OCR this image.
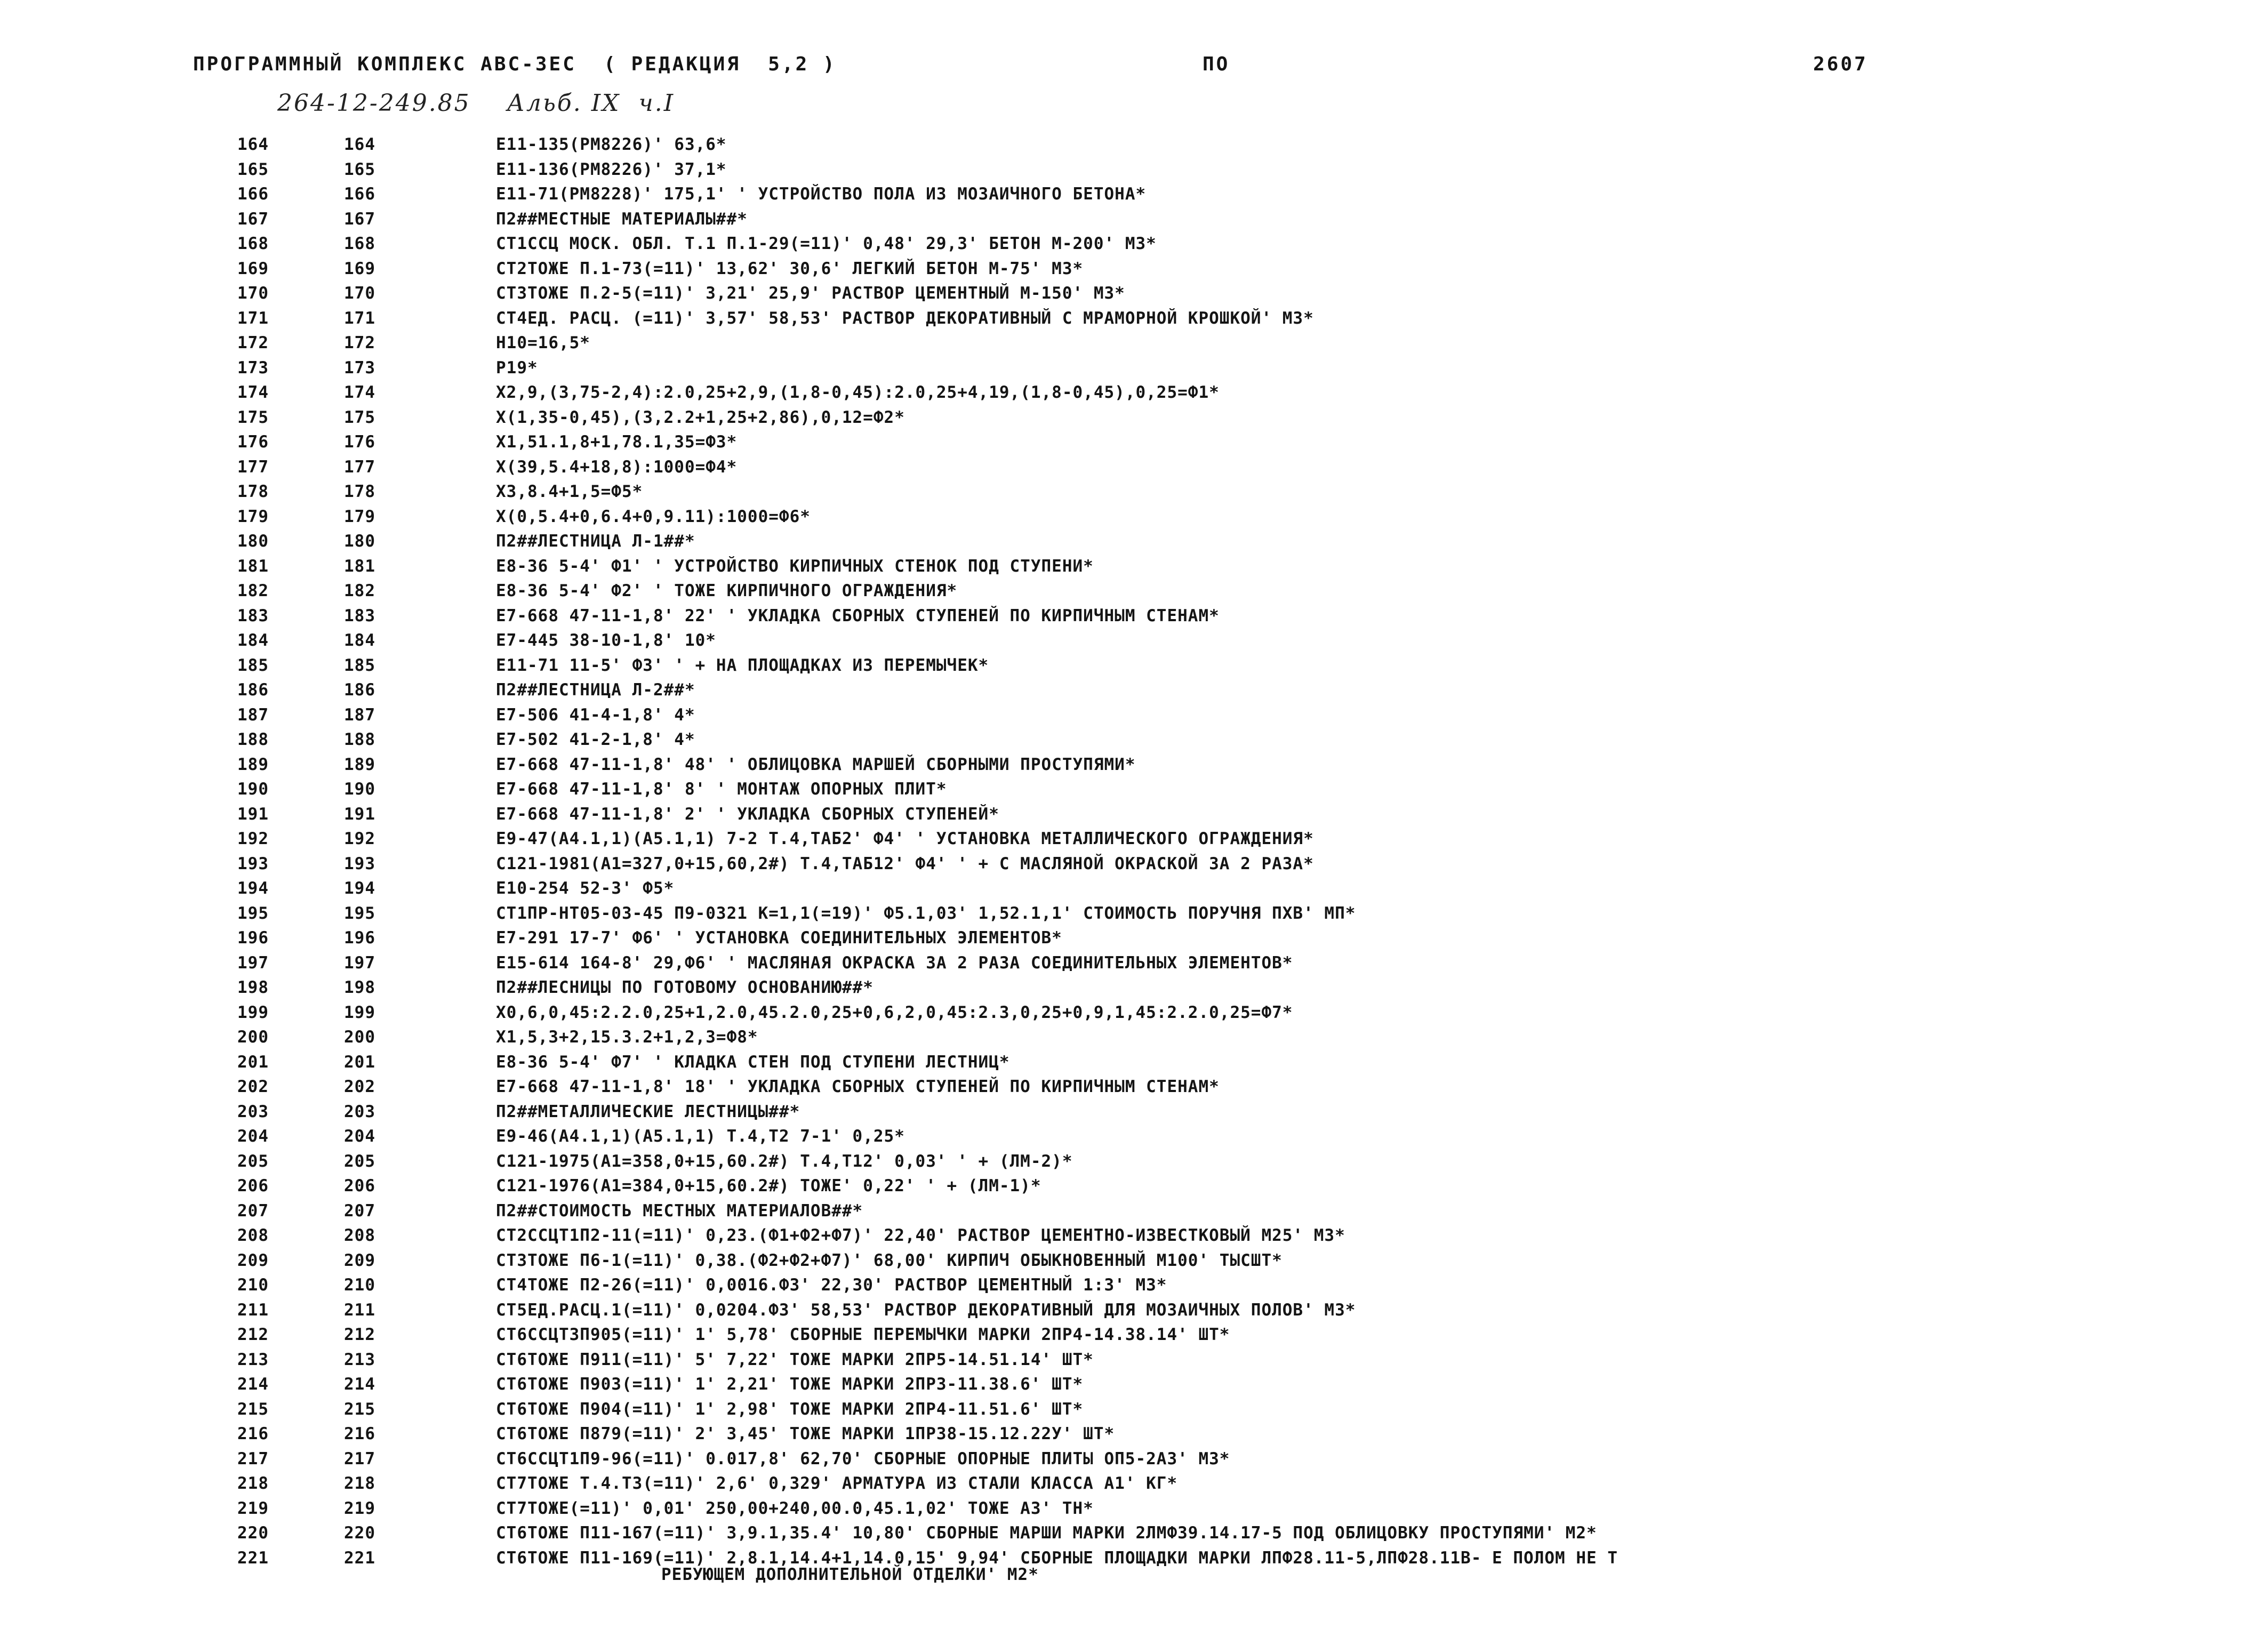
ПРОГРАММНЫЙ КОМПЛЕКС АВС-ЗЕС  ( РЕДАКЦИЯ  5,2 )	ПО	2607
264-12-249.85    Альб. IX  ч.I
164	164	Е11-135(РМ8226)' 63,6*
165	165	Е11-136(РМ8226)' 37,1*
166	166	Е11-71(РМ8228)' 175,1' ' УСТРОЙСТВО ПОЛА ИЗ МОЗАИЧНОГО БЕТОНА*
167	167	П2##МЕСТНЫЕ МАТЕРИАЛЫ##*
168	168	СТ1ССЦ МОСК. ОБЛ. Т.1 П.1-29(=11)' 0,48' 29,3' БЕТОН М-200' М3*
169	169	СТ2ТОЖЕ П.1-73(=11)' 13,62' 30,6' ЛЕГКИЙ БЕТОН М-75' М3*
170	170	СТ3ТОЖЕ П.2-5(=11)' 3,21' 25,9' РАСТВОР ЦЕМЕНТНЫЙ М-150' М3*
171	171	СТ4ЕД. РАСЦ. (=11)' 3,57' 58,53' РАСТВОР ДЕКОРАТИВНЫЙ С МРАМОРНОЙ КРОШКОЙ' М3*
172	172	Н10=16,5*
173	173	Р19*
174	174	Х2,9,(3,75-2,4):2.0,25+2,9,(1,8-0,45):2.0,25+4,19,(1,8-0,45),0,25=Ф1*
175	175	Х(1,35-0,45),(3,2.2+1,25+2,86),0,12=Ф2*
176	176	Х1,51.1,8+1,78.1,35=Ф3*
177	177	Х(39,5.4+18,8):1000=Ф4*
178	178	Х3,8.4+1,5=Ф5*
179	179	Х(0,5.4+0,6.4+0,9.11):1000=Ф6*
180	180	П2##ЛЕСТНИЦА Л-1##*
181	181	Е8-36 5-4' Ф1' ' УСТРОЙСТВО КИРПИЧНЫХ СТЕНОК ПОД СТУПЕНИ*
182	182	Е8-36 5-4' Ф2' ' ТОЖЕ КИРПИЧНОГО ОГРАЖДЕНИЯ*
183	183	Е7-668 47-11-1,8' 22' ' УКЛАДКА СБОРНЫХ СТУПЕНЕЙ ПО КИРПИЧНЫМ СТЕНАМ*
184	184	Е7-445 38-10-1,8' 10*
185	185	Е11-71 11-5' Ф3' ' + НА ПЛОЩАДКАХ ИЗ ПЕРЕМЫЧЕК*
186	186	П2##ЛЕСТНИЦА Л-2##*
187	187	Е7-506 41-4-1,8' 4*
188	188	Е7-502 41-2-1,8' 4*
189	189	Е7-668 47-11-1,8' 48' ' ОБЛИЦОВКА МАРШЕЙ СБОРНЫМИ ПРОСТУПЯМИ*
190	190	Е7-668 47-11-1,8' 8' ' МОНТАЖ ОПОРНЫХ ПЛИТ*
191	191	Е7-668 47-11-1,8' 2' ' УКЛАДКА СБОРНЫХ СТУПЕНЕЙ*
192	192	Е9-47(А4.1,1)(А5.1,1) 7-2 Т.4,ТАБ2' Ф4' ' УСТАНОВКА МЕТАЛЛИЧЕСКОГО ОГРАЖДЕНИЯ*
193	193	С121-1981(А1=327,0+15,60,2#) Т.4,ТАБ12' Ф4' ' + С МАСЛЯНОЙ ОКРАСКОЙ ЗА 2 РАЗА*
194	194	Е10-254 52-3' Ф5*
195	195	СТ1ПР-НТ05-03-45 П9-0321 К=1,1(=19)' Ф5.1,03' 1,52.1,1' СТОИМОСТЬ ПОРУЧНЯ ПХВ' МП*
196	196	Е7-291 17-7' Ф6' ' УСТАНОВКА СОЕДИНИТЕЛЬНЫХ ЭЛЕМЕНТОВ*
197	197	Е15-614 164-8' 29,Ф6' ' МАСЛЯНАЯ ОКРАСКА ЗА 2 РАЗА СОЕДИНИТЕЛЬНЫХ ЭЛЕМЕНТОВ*
198	198	П2##ЛЕСНИЦЫ ПО ГОТОВОМУ ОСНОВАНИЮ##*
199	199	Х0,6,0,45:2.2.0,25+1,2.0,45.2.0,25+0,6,2,0,45:2.3,0,25+0,9,1,45:2.2.0,25=Ф7*
200	200	Х1,5,3+2,15.3.2+1,2,3=Ф8*
201	201	Е8-36 5-4' Ф7' ' КЛАДКА СТЕН ПОД СТУПЕНИ ЛЕСТНИЦ*
202	202	Е7-668 47-11-1,8' 18' ' УКЛАДКА СБОРНЫХ СТУПЕНЕЙ ПО КИРПИЧНЫМ СТЕНАМ*
203	203	П2##МЕТАЛЛИЧЕСКИЕ ЛЕСТНИЦЫ##*
204	204	Е9-46(А4.1,1)(А5.1,1) Т.4,Т2 7-1' 0,25*
205	205	С121-1975(А1=358,0+15,60.2#) Т.4,Т12' 0,03' ' + (ЛМ-2)*
206	206	С121-1976(А1=384,0+15,60.2#) ТОЖЕ' 0,22' ' + (ЛМ-1)*
207	207	П2##СТОИМОСТЬ МЕСТНЫХ МАТЕРИАЛОВ##*
208	208	СТ2ССЦТ1П2-11(=11)' 0,23.(Ф1+Ф2+Ф7)' 22,40' РАСТВОР ЦЕМЕНТНО-ИЗВЕСТКОВЫЙ М25' М3*
209	209	СТ3ТОЖЕ П6-1(=11)' 0,38.(Ф2+Ф2+Ф7)' 68,00' КИРПИЧ ОБЫКНОВЕННЫЙ М100' ТЫСШТ*
210	210	СТ4ТОЖЕ П2-26(=11)' 0,0016.Ф3' 22,30' РАСТВОР ЦЕМЕНТНЫЙ 1:3' М3*
211	211	СТ5ЕД.РАСЦ.1(=11)' 0,0204.Ф3' 58,53' РАСТВОР ДЕКОРАТИВНЫЙ ДЛЯ МОЗАИЧНЫХ ПОЛОВ' М3*
212	212	СТ6ССЦТ3П905(=11)' 1' 5,78' СБОРНЫЕ ПЕРЕМЫЧКИ МАРКИ 2ПР4-14.38.14' ШТ*
213	213	СТ6ТОЖЕ П911(=11)' 5' 7,22' ТОЖЕ МАРКИ 2ПР5-14.51.14' ШТ*
214	214	СТ6ТОЖЕ П903(=11)' 1' 2,21' ТОЖЕ МАРКИ 2ПР3-11.38.6' ШТ*
215	215	СТ6ТОЖЕ П904(=11)' 1' 2,98' ТОЖЕ МАРКИ 2ПР4-11.51.6' ШТ*
216	216	СТ6ТОЖЕ П879(=11)' 2' 3,45' ТОЖЕ МАРКИ 1ПР38-15.12.22У' ШТ*
217	217	СТ6ССЦТ1П9-96(=11)' 0.017,8' 62,70' СБОРНЫЕ ОПОРНЫЕ ПЛИТЫ ОП5-2А3' М3*
218	218	СТ7ТОЖЕ Т.4.Т3(=11)' 2,6' 0,329' АРМАТУРА ИЗ СТАЛИ КЛАССА А1' КГ*
219	219	СТ7ТОЖЕ(=11)' 0,01' 250,00+240,00.0,45.1,02' ТОЖЕ А3' ТН*
220	220	СТ6ТОЖЕ П11-167(=11)' 3,9.1,35.4' 10,80' СБОРНЫЕ МАРШИ МАРКИ 2ЛМФ39.14.17-5 ПОД ОБЛИЦОВКУ ПРОСТУПЯМИ' М2*
221	221	СТ6ТОЖЕ П11-169(=11)' 2,8.1,14.4+1,14.0,15' 9,94' СБОРНЫЕ ПЛОЩАДКИ МАРКИ ЛПФ28.11-5,ЛПФ28.11В- Е ПОЛОМ НЕ Т
РЕБУЮЩЕМ ДОПОЛНИТЕЛЬНОЙ ОТДЕЛКИ' М2*
